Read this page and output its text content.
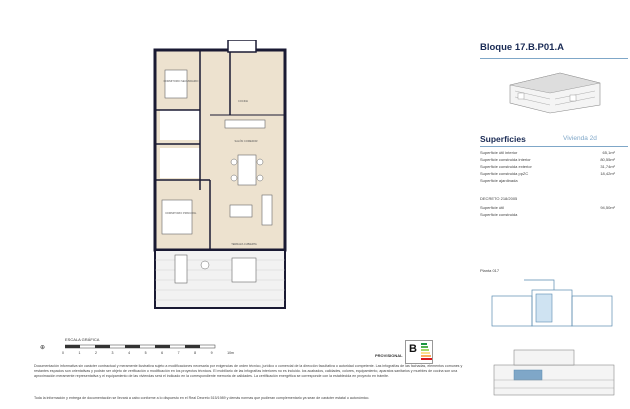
DORMITORIO SECUNDARIO
DORMITORIO PRINCIPAL
COCINA
SALÓN COMEDOR
TERRAZA CUBIERTA
Bloque 17.B.P01.A
Superficies	Vivienda 2d
Superficie útil interior	65,1m²
Superficie construida interior	80,55m²
Superficie construida exterior	31,74m²
Superficie construida ppZC	18,42m²
Superficie ajardinada
DECRETO 218/2005
Superficie útil	94,50m²
Superficie construida
Planta 017
⊕
ESCALA GRÁFICA
0	1	2	3	4	5	6	7	8	9	10m	PROVISIONAL
B
Documentación informativa sin carácter contractual y meramente ilustrativa sujeto a modificaciones necesaria por exigencias de orden técnico, jurídico o comercial de la dirección facultativa o autoridad competente. Las infografías de las fachadas, elementos comunes y restantes espacios son orientativas y podrán ser objeto de verificación o modificación en los proyectos técnicos. El mobiliario de las infografías interiores no es incluido. los acabados, calidades, colores, equipamiento, aparatos sanitarios y muebles de cocina son una aproximación meramente representativa y el equipamiento de las viviendas será el indicado en la correspondiente memoria de calidades. La certificación energética se corresponde con la establecida en proyecto en trámite.
Toda la información y entrega de documentación se llevará a cabo conforme a lo dispuesto en el Real Decreto 515/1989 y demás normas que pudieran complementarlo ya sean de carácter estatal o autonómico.
